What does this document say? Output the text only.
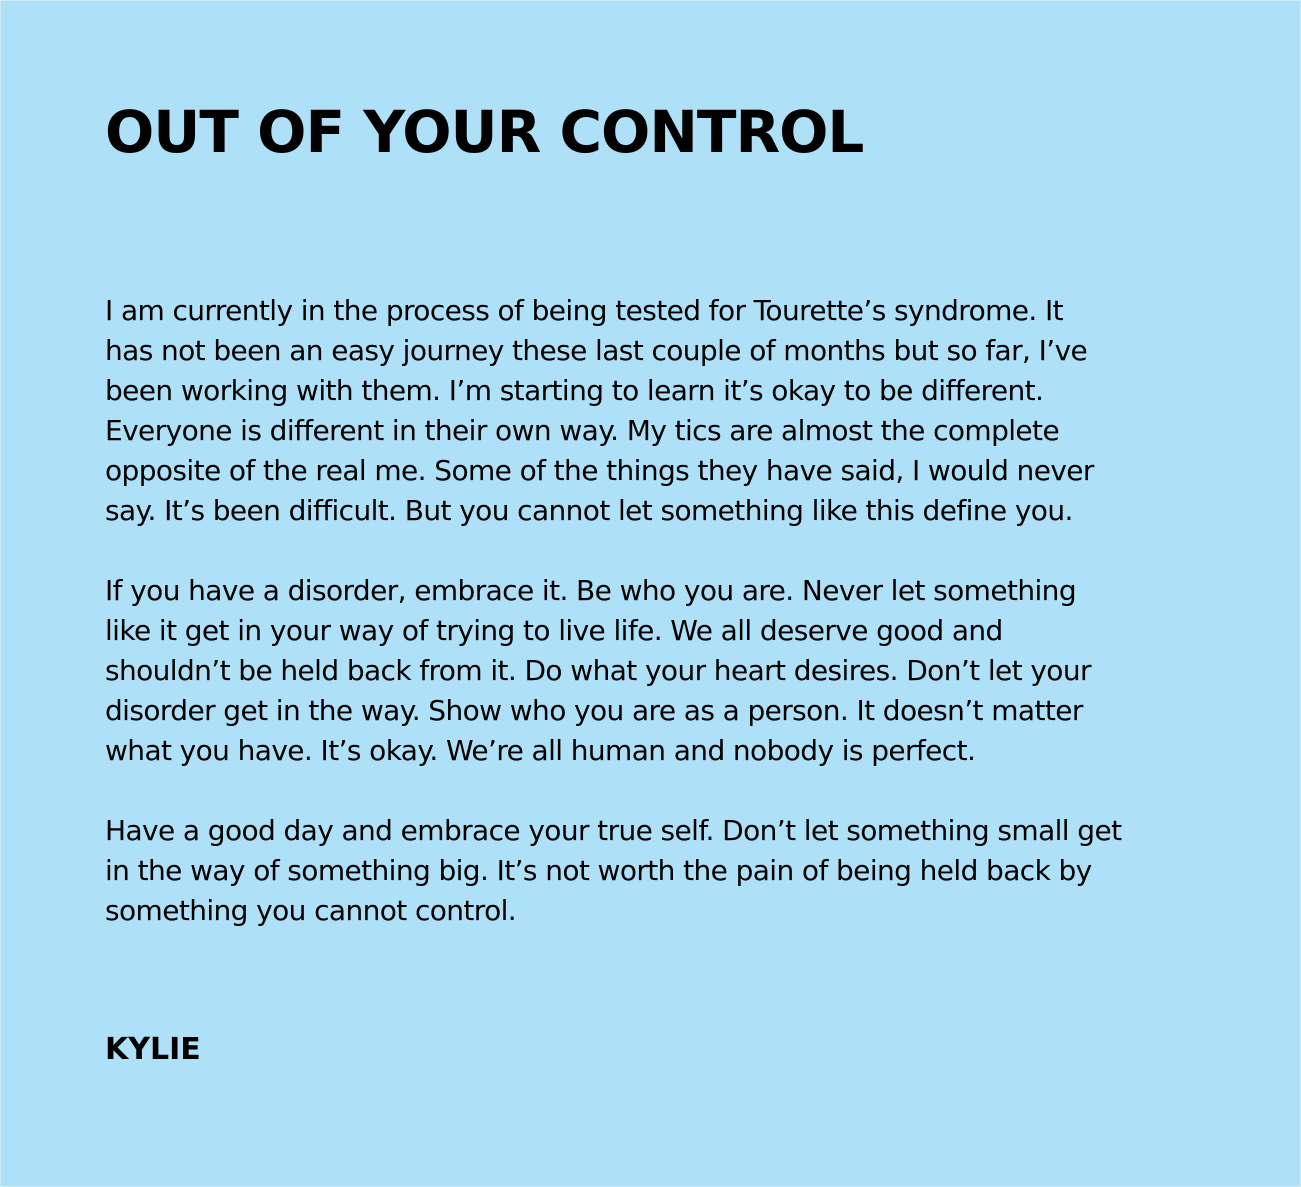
OUT OF YOUR CONTROL

I am currently in the process of being tested for Tourette’s syndrome. It
has not been an easy journey these last couple of months but so far, I’ve
been working with them. I’m starting to learn it’s okay to be different.
Everyone is different in their own way. My tics are almost the complete
opposite of the real me. Some of the things they have said, I would never
say. It’s been difficult. But you cannot let something like this define you.

If you have a disorder, embrace it. Be who you are. Never let something
like it get in your way of trying to live life. We all deserve good and
shouldn’t be held back from it. Do what your heart desires. Don’t let your
disorder get in the way. Show who you are as a person. It doesn’t matter
what you have. It’s okay. We’re all human and nobody is perfect.

Have a good day and embrace your true self. Don’t let something small get
in the way of something big. It’s not worth the pain of being held back by
something you cannot control.

KYLIE
